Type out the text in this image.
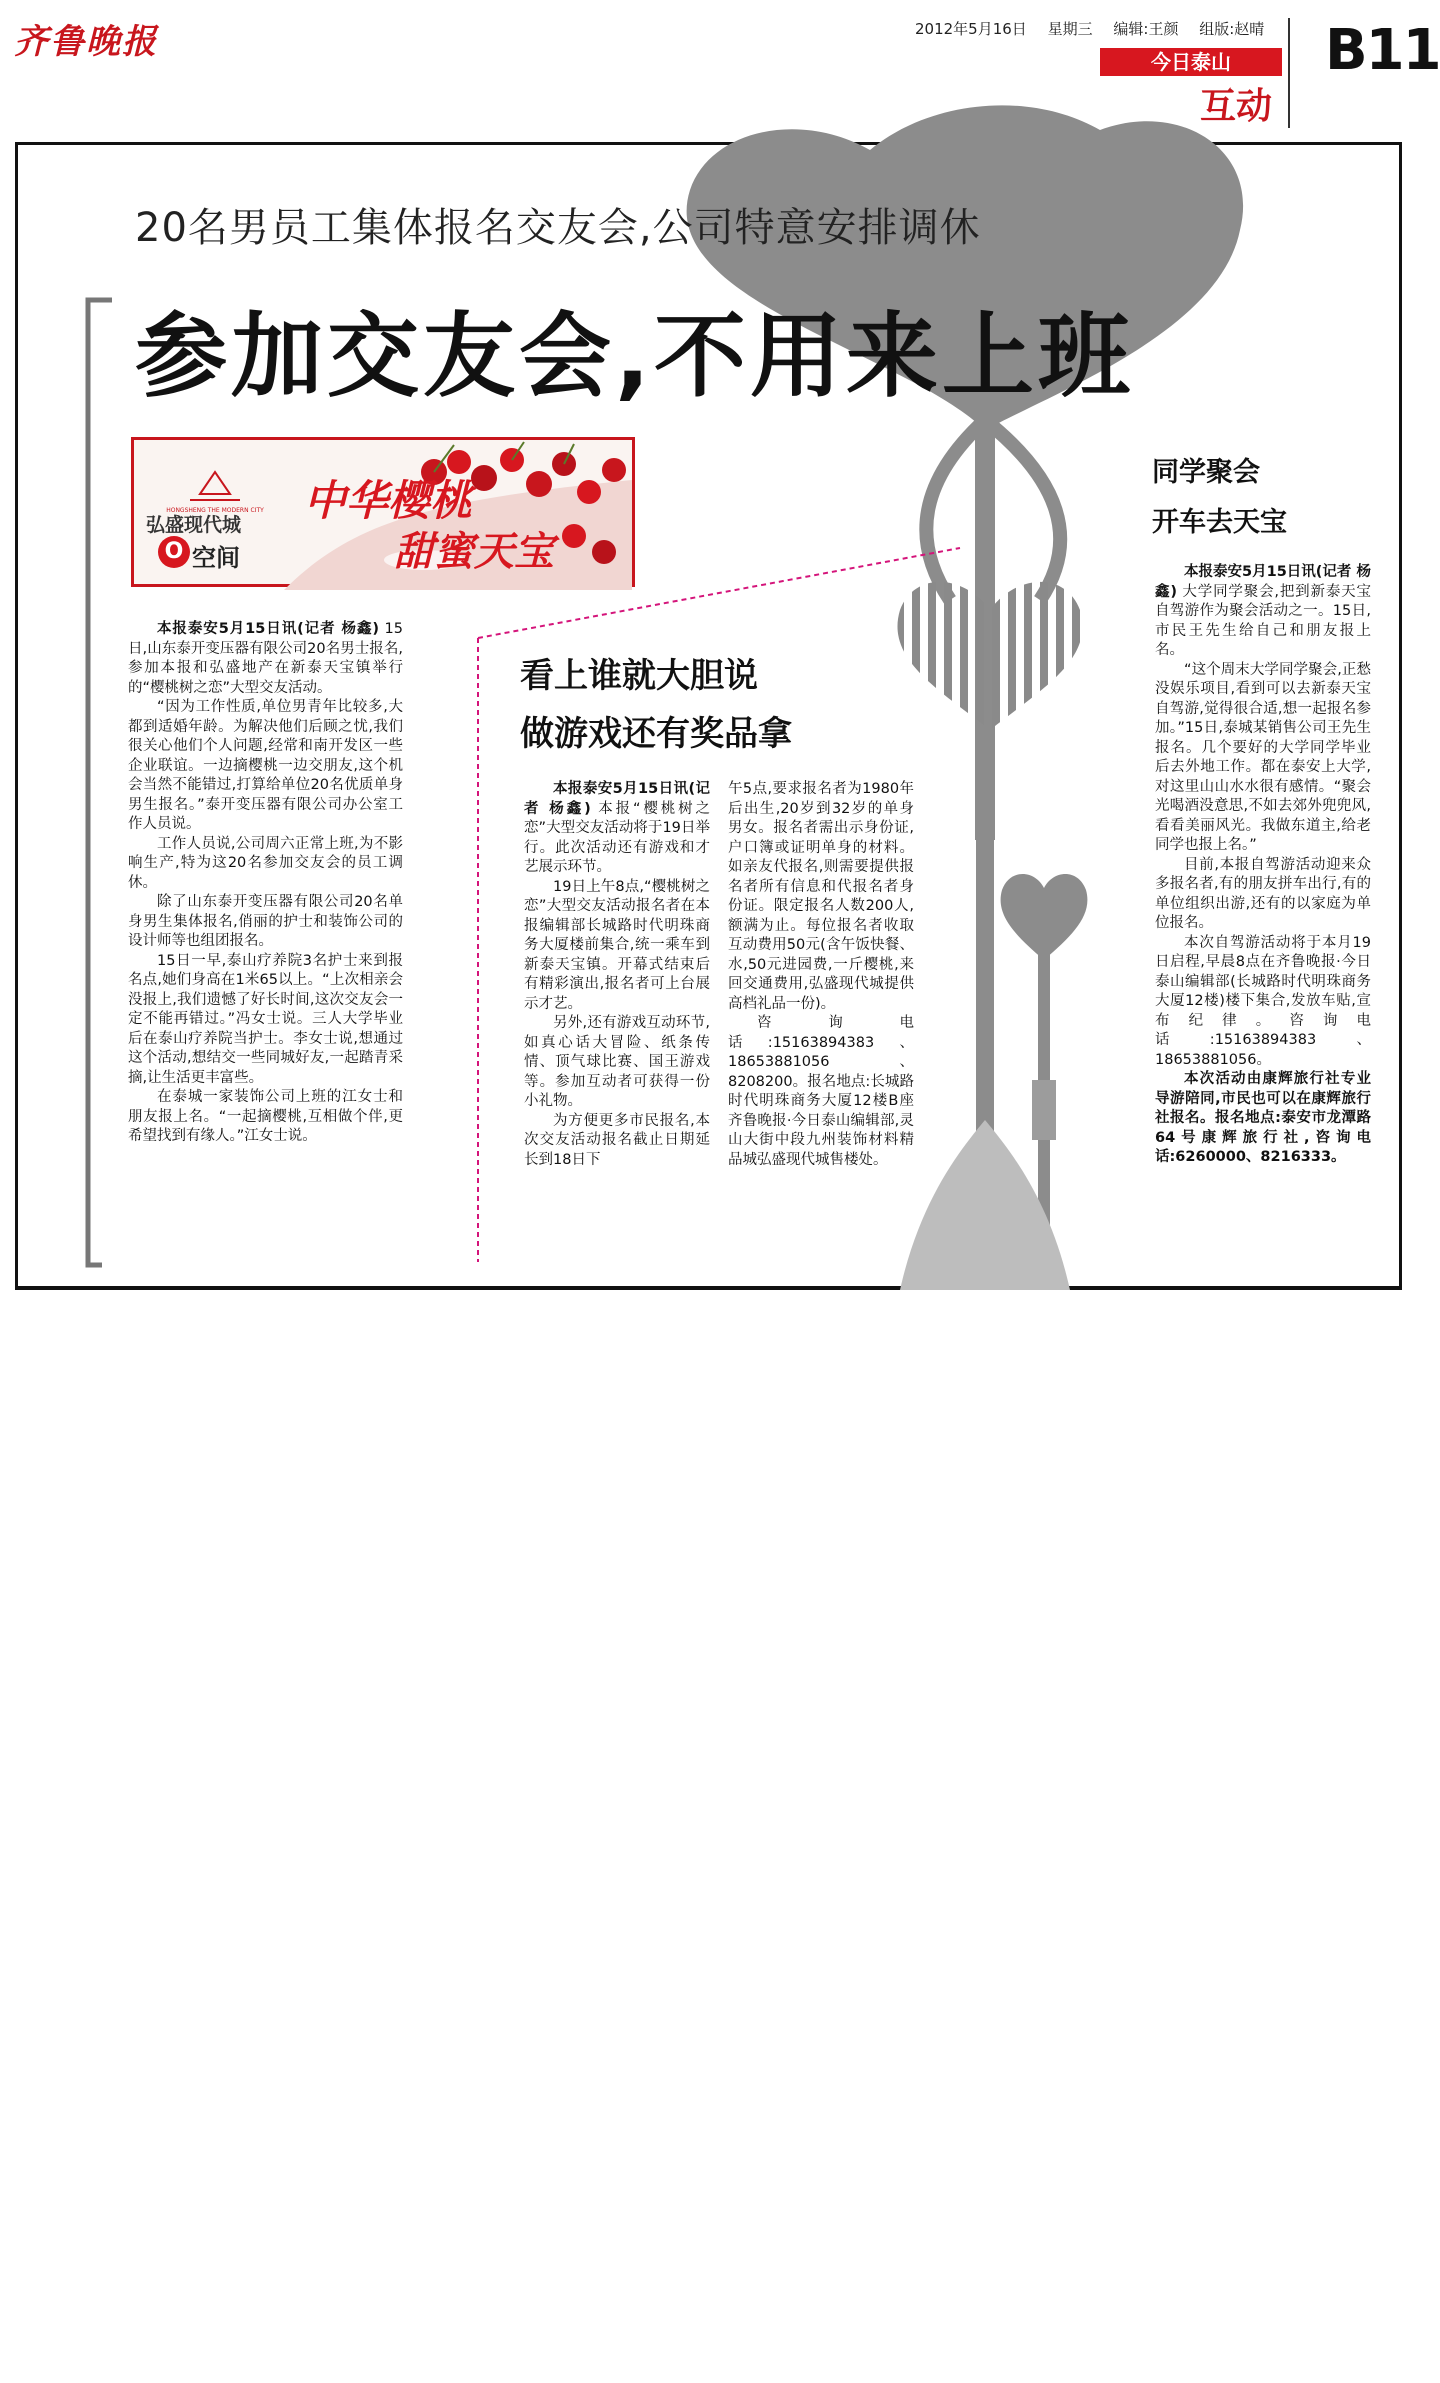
齐鲁晚报	2012年5月16日 星期三 编辑:王颜 组版:赵晴
今日泰山
互动
B11
20名男员工集体报名交友会,公司特意安排调休
参加交友会,不用来上班
HONGSHENG THE MODERN CITY
弘盛现代城
O 空间
中华樱桃
甜蜜天宝

本报泰安5月15日讯(记者 杨鑫) 15日,山东泰开变压器有限公司20名男士报名,参加本报和弘盛地产在新泰天宝镇举行的“樱桃树之恋”大型交友活动。

“因为工作性质,单位男青年比较多,大都到适婚年龄。为解决他们后顾之忧,我们很关心他们个人问题,经常和南开发区一些企业联谊。一边摘樱桃一边交朋友,这个机会当然不能错过,打算给单位20名优质单身男生报名。”泰开变压器有限公司办公室工作人员说。

工作人员说,公司周六正常上班,为不影响生产,特为这20名参加交友会的员工调休。

除了山东泰开变压器有限公司20名单身男生集体报名,俏丽的护士和装饰公司的设计师等也组团报名。

15日一早,泰山疗养院3名护士来到报名点,她们身高在1米65以上。“上次相亲会没报上,我们遗憾了好长时间,这次交友会一定不能再错过。”冯女士说。三人大学毕业后在泰山疗养院当护士。李女士说,想通过这个活动,想结交一些同城好友,一起踏青采摘,让生活更丰富些。

在泰城一家装饰公司上班的江女士和朋友报上名。“一起摘樱桃,互相做个伴,更希望找到有缘人。”江女士说。

看上谁就大胆说
做游戏还有奖品拿

本报泰安5月15日讯(记者 杨鑫) 本报“樱桃树之恋”大型交友活动将于19日举行。此次活动还有游戏和才艺展示环节。

19日上午8点,“樱桃树之恋”大型交友活动报名者在本报编辑部长城路时代明珠商务大厦楼前集合,统一乘车到新泰天宝镇。开幕式结束后有精彩演出,报名者可上台展示才艺。

另外,还有游戏互动环节,如真心话大冒险、纸条传情、顶气球比赛、国王游戏等。参加互动者可获得一份小礼物。

为方便更多市民报名,本次交友活动报名截止日期延长到18日下

午5点,要求报名者为1980年后出生,20岁到32岁的单身男女。报名者需出示身份证,户口簿或证明单身的材料。如亲友代报名,则需要提供报名者所有信息和代报名者身份证。限定报名人数200人,额满为止。每位报名者收取互动费用50元(含午饭快餐、水,50元进园费,一斤樱桃,来回交通费用,弘盛现代城提供高档礼品一份)。

咨询电话:15163894383、18653881056、8208200。报名地点:长城路时代明珠商务大厦12楼B座齐鲁晚报·今日泰山编辑部,灵山大街中段九州装饰材料精品城弘盛现代城售楼处。

同学聚会
开车去天宝

本报泰安5月15日讯(记者 杨鑫) 大学同学聚会,把到新泰天宝自驾游作为聚会活动之一。15日,市民王先生给自己和朋友报上名。

“这个周末大学同学聚会,正愁没娱乐项目,看到可以去新泰天宝自驾游,觉得很合适,想一起报名参加。”15日,泰城某销售公司王先生报名。几个要好的大学同学毕业后去外地工作。都在泰安上大学,对这里山山水水很有感情。“聚会光喝酒没意思,不如去郊外兜兜风,看看美丽风光。我做东道主,给老同学也报上名。”

目前,本报自驾游活动迎来众多报名者,有的朋友拼车出行,有的单位组织出游,还有的以家庭为单位报名。

本次自驾游活动将于本月19日启程,早晨8点在齐鲁晚报·今日泰山编辑部(长城路时代明珠商务大厦12楼)楼下集合,发放车贴,宣布纪律。咨询电话:15163894383、18653881056。

本次活动由康辉旅行社专业导游陪同,市民也可以在康辉旅行社报名。报名地点:泰安市龙潭路64号康辉旅行社,咨询电话:6260000、8216333。
